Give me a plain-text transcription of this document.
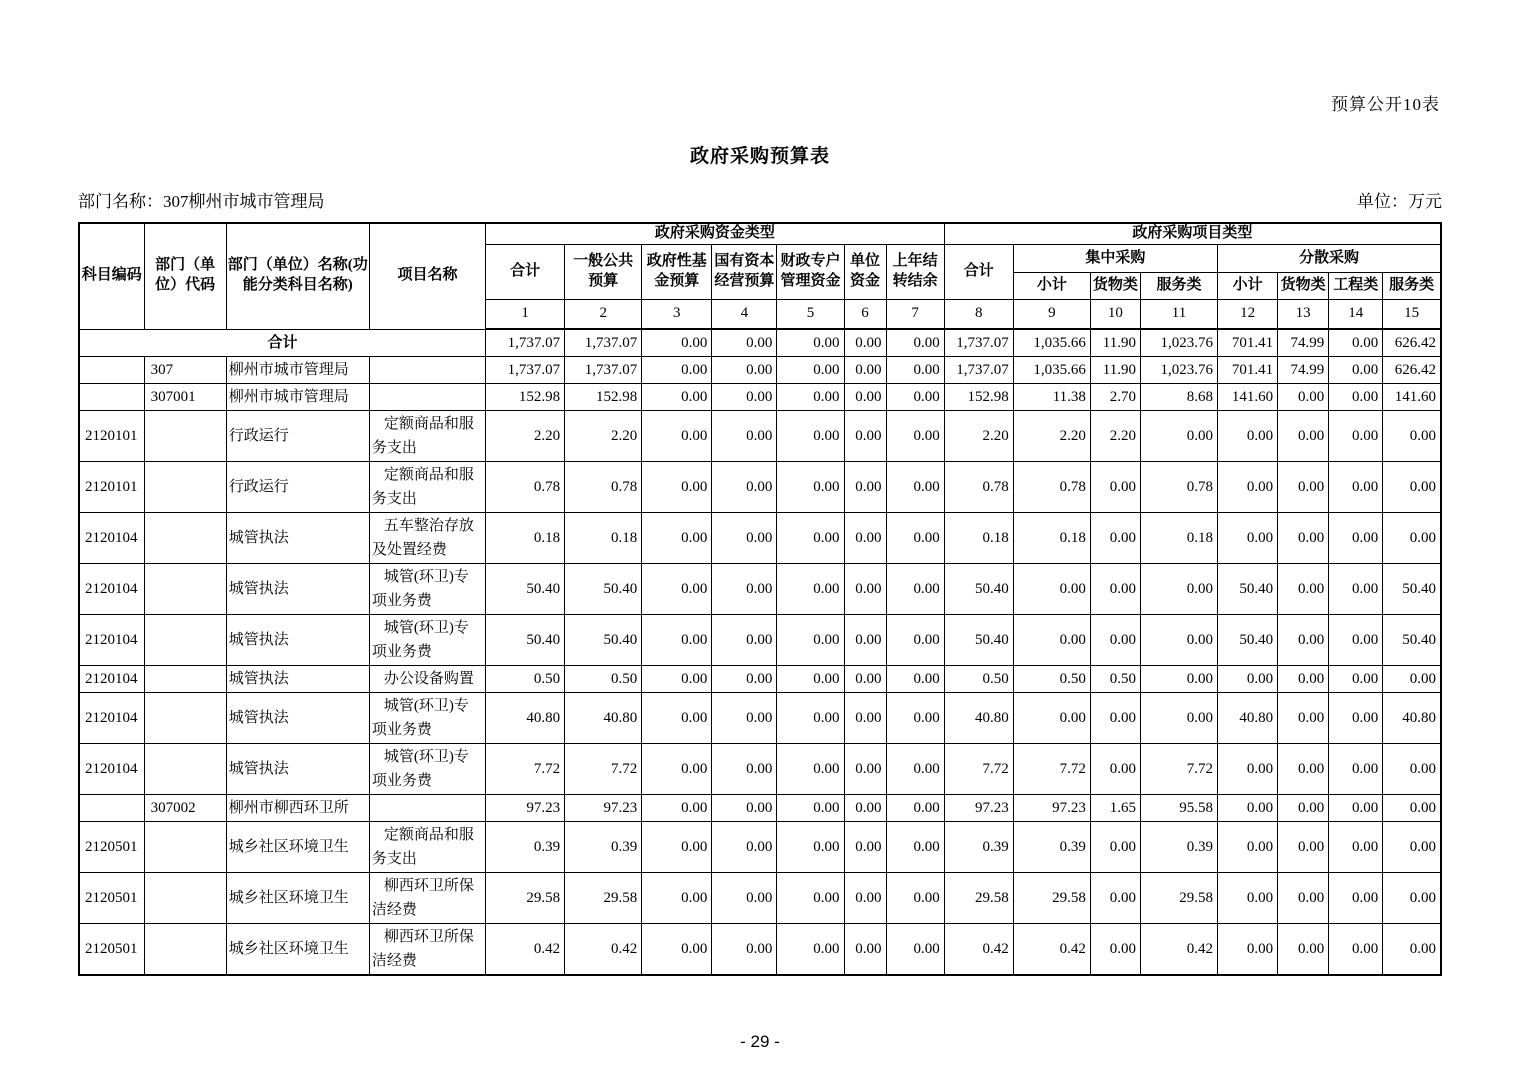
预算公开10表
政府采购预算表
部门名称：307柳州市城市管理局	单位：万元
科目编码	部门（单位）代码	部门（单位）名称(功能分类科目名称)	项目名称	政府采购资金类型							政府采购项目类型							
				合计	一般公共预算	政府性基金预算	国有资本经营预算	财政专户管理资金	单位资金	上年结转结余	合计	集中采购			分散采购			
												小计	货物类	服务类	小计	货物类	工程类	服务类
				1	2	3	4	5	6	7	8	9	10	11	12	13	14	15
合计				1,737.07	1,737.07	0.00	0.00	0.00	0.00	0.00	1,737.07	1,035.66	11.90	1,023.76	701.41	74.99	0.00	626.42
	307	柳州市城市管理局		1,737.07	1,737.07	0.00	0.00	0.00	0.00	0.00	1,737.07	1,035.66	11.90	1,023.76	701.41	74.99	0.00	626.42
	307001	柳州市城市管理局		152.98	152.98	0.00	0.00	0.00	0.00	0.00	152.98	11.38	2.70	8.68	141.60	0.00	0.00	141.60
2120101		行政运行	定额商品和服务支出	2.20	2.20	0.00	0.00	0.00	0.00	0.00	2.20	2.20	2.20	0.00	0.00	0.00	0.00	0.00
2120101		行政运行	定额商品和服务支出	0.78	0.78	0.00	0.00	0.00	0.00	0.00	0.78	0.78	0.00	0.78	0.00	0.00	0.00	0.00
2120104		城管执法	五车整治存放及处置经费	0.18	0.18	0.00	0.00	0.00	0.00	0.00	0.18	0.18	0.00	0.18	0.00	0.00	0.00	0.00
2120104		城管执法	城管(环卫)专项业务费	50.40	50.40	0.00	0.00	0.00	0.00	0.00	50.40	0.00	0.00	0.00	50.40	0.00	0.00	50.40
2120104		城管执法	城管(环卫)专项业务费	50.40	50.40	0.00	0.00	0.00	0.00	0.00	50.40	0.00	0.00	0.00	50.40	0.00	0.00	50.40
2120104		城管执法	办公设备购置	0.50	0.50	0.00	0.00	0.00	0.00	0.00	0.50	0.50	0.50	0.00	0.00	0.00	0.00	0.00
2120104		城管执法	城管(环卫)专项业务费	40.80	40.80	0.00	0.00	0.00	0.00	0.00	40.80	0.00	0.00	0.00	40.80	0.00	0.00	40.80
2120104		城管执法	城管(环卫)专项业务费	7.72	7.72	0.00	0.00	0.00	0.00	0.00	7.72	7.72	0.00	7.72	0.00	0.00	0.00	0.00
	307002	柳州市柳西环卫所		97.23	97.23	0.00	0.00	0.00	0.00	0.00	97.23	97.23	1.65	95.58	0.00	0.00	0.00	0.00
2120501		城乡社区环境卫生	定额商品和服务支出	0.39	0.39	0.00	0.00	0.00	0.00	0.00	0.39	0.39	0.00	0.39	0.00	0.00	0.00	0.00
2120501		城乡社区环境卫生	柳西环卫所保洁经费	29.58	29.58	0.00	0.00	0.00	0.00	0.00	29.58	29.58	0.00	29.58	0.00	0.00	0.00	0.00
2120501		城乡社区环境卫生	柳西环卫所保洁经费	0.42	0.42	0.00	0.00	0.00	0.00	0.00	0.42	0.42	0.00	0.42	0.00	0.00	0.00	0.00
- 29 -
